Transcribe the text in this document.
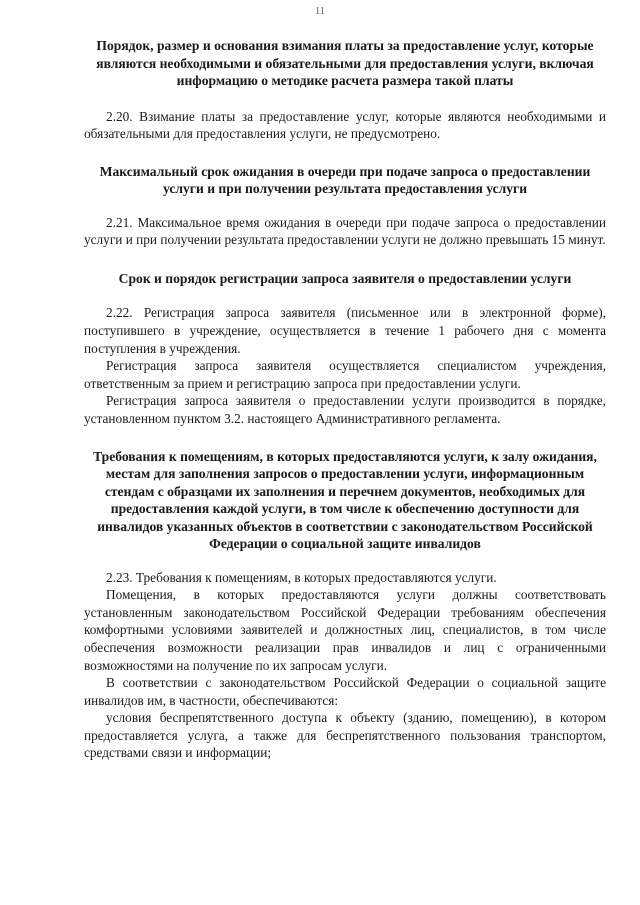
11
Порядок, размер и основания взимания платы за предоставление услуг, которые являются необходимыми и обязательными для предоставления услуги, включая информацию о методике расчета размера такой платы

2.20. Взимание платы за предоставление услуг, которые являются необходимыми и обязательными для предоставления услуги, не предусмотрено.

Максимальный срок ожидания в очереди при подаче запроса о предоставлении услуги и при получении результата предоставления услуги

2.21. Максимальное время ожидания в очереди при подаче запроса о предоставлении услуги и при получении результата предоставлении услуги не должно превышать 15 минут.

Срок и порядок регистрации запроса заявителя о предоставлении услуги

2.22. Регистрация запроса заявителя (письменное или в электронной форме), поступившего в учреждение, осуществляется в течение 1 рабочего дня с момента поступления в учреждения.

Регистрация запроса заявителя осуществляется специалистом учреждения, ответственным за прием и регистрацию запроса при предоставлении услуги.

Регистрация запроса заявителя о предоставлении услуги производится в порядке, установленном пунктом 3.2. настоящего Административного регламента.

Требования к помещениям, в которых предоставляются услуги, к залу ожидания, местам для заполнения запросов о предоставлении услуги, информационным стендам с образцами их заполнения и перечнем документов, необходимых для предоставления каждой услуги, в том числе к обеспечению доступности для инвалидов указанных объектов в соответствии с законодательством Российской Федерации о социальной защите инвалидов

2.23. Требования к помещениям, в которых предоставляются услуги.

Помещения, в которых предоставляются услуги должны соответствовать установленным законодательством Российской Федерации требованиям обеспечения комфортными условиями заявителей и должностных лиц, специалистов, в том числе обеспечения возможности реализации прав инвалидов и лиц с ограниченными возможностями на получение по их запросам услуги.

В соответствии с законодательством Российской Федерации о социальной защите инвалидов им, в частности, обеспечиваются:

условия беспрепятственного доступа к объекту (зданию, помещению), в котором предоставляется услуга, а также для беспрепятственного пользования транспортом, средствами связи и информации;
